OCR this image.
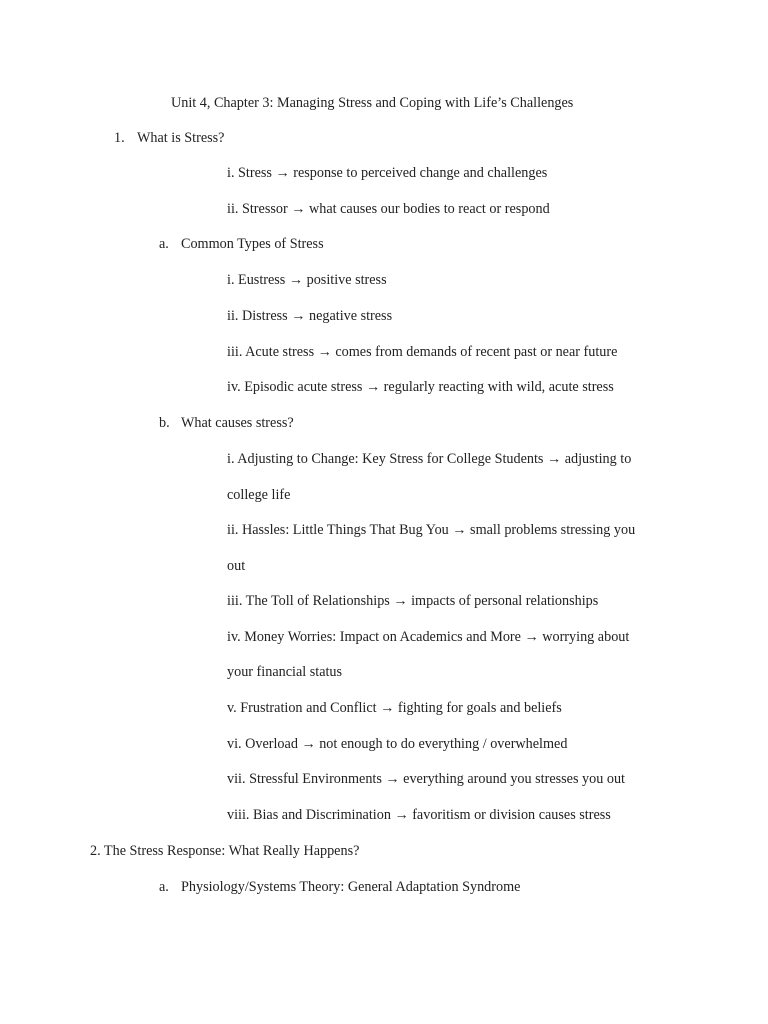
Unit 4, Chapter 3: Managing Stress and Coping with Life’s Challenges
1. What is Stress?
i. Stress → response to perceived change and challenges
ii. Stressor → what causes our bodies to react or respond
a. Common Types of Stress
i. Eustress → positive stress
ii. Distress → negative stress
iii. Acute stress → comes from demands of recent past or near future
iv. Episodic acute stress → regularly reacting with wild, acute stress
b. What causes stress?
i. Adjusting to Change: Key Stress for College Students → adjusting to
college life
ii. Hassles: Little Things That Bug You → small problems stressing you
out
iii. The Toll of Relationships → impacts of personal relationships
iv. Money Worries: Impact on Academics and More → worrying about
your financial status
v. Frustration and Conflict → fighting for goals and beliefs
vi. Overload → not enough to do everything / overwhelmed
vii. Stressful Environments → everything around you stresses you out
viii. Bias and Discrimination → favoritism or division causes stress
2. The Stress Response: What Really Happens?
a. Physiology/Systems Theory: General Adaptation Syndrome
